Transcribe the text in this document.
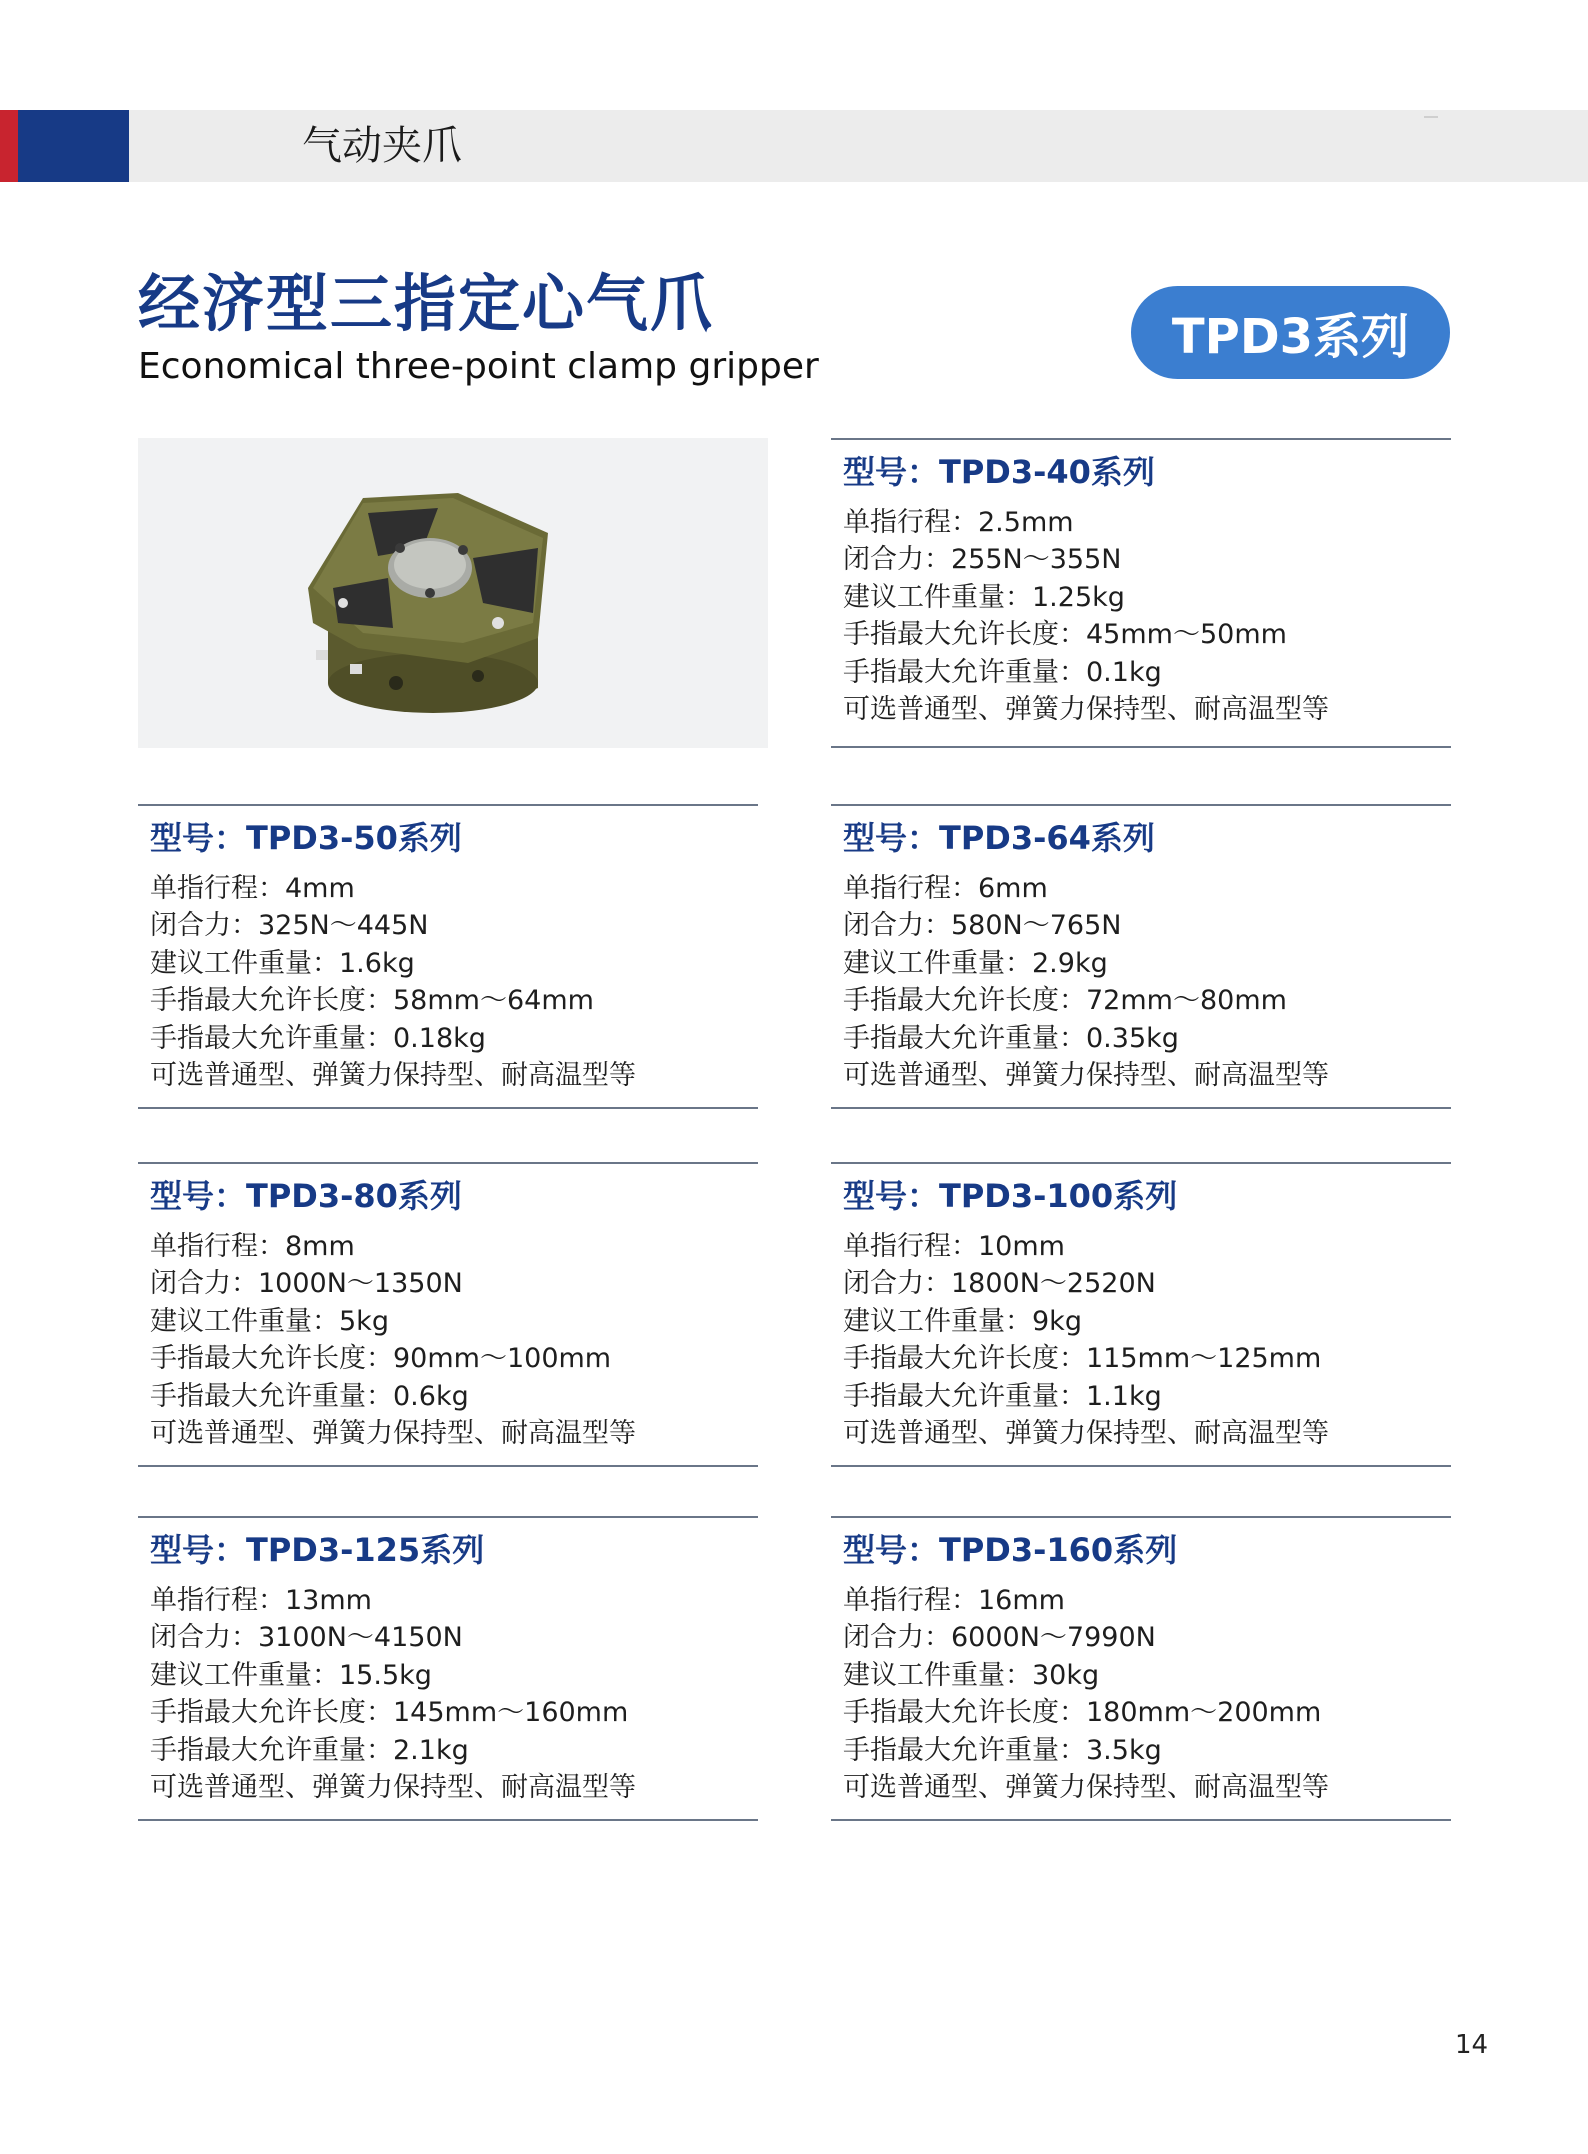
气动夹爪
经济型三指定心气爪
Economical three-point clamp gripper
TPD3系列
型号：TPD3-40系列
单指行程：2.5mm
闭合力：255N～355N
建议工件重量：1.25kg
手指最大允许长度：45mm～50mm
手指最大允许重量：0.1kg
可选普通型、弹簧力保持型、耐高温型等
型号：TPD3-50系列
单指行程：4mm
闭合力：325N～445N
建议工件重量：1.6kg
手指最大允许长度：58mm～64mm
手指最大允许重量：0.18kg
可选普通型、弹簧力保持型、耐高温型等
型号：TPD3-64系列
单指行程：6mm
闭合力：580N～765N
建议工件重量：2.9kg
手指最大允许长度：72mm～80mm
手指最大允许重量：0.35kg
可选普通型、弹簧力保持型、耐高温型等
型号：TPD3-80系列
单指行程：8mm
闭合力：1000N～1350N
建议工件重量：5kg
手指最大允许长度：90mm～100mm
手指最大允许重量：0.6kg
可选普通型、弹簧力保持型、耐高温型等
型号：TPD3-100系列
单指行程：10mm
闭合力：1800N～2520N
建议工件重量：9kg
手指最大允许长度：115mm～125mm
手指最大允许重量：1.1kg
可选普通型、弹簧力保持型、耐高温型等
型号：TPD3-125系列
单指行程：13mm
闭合力：3100N～4150N
建议工件重量：15.5kg
手指最大允许长度：145mm～160mm
手指最大允许重量：2.1kg
可选普通型、弹簧力保持型、耐高温型等
型号：TPD3-160系列
单指行程：16mm
闭合力：6000N～7990N
建议工件重量：30kg
手指最大允许长度：180mm～200mm
手指最大允许重量：3.5kg
可选普通型、弹簧力保持型、耐高温型等
14
